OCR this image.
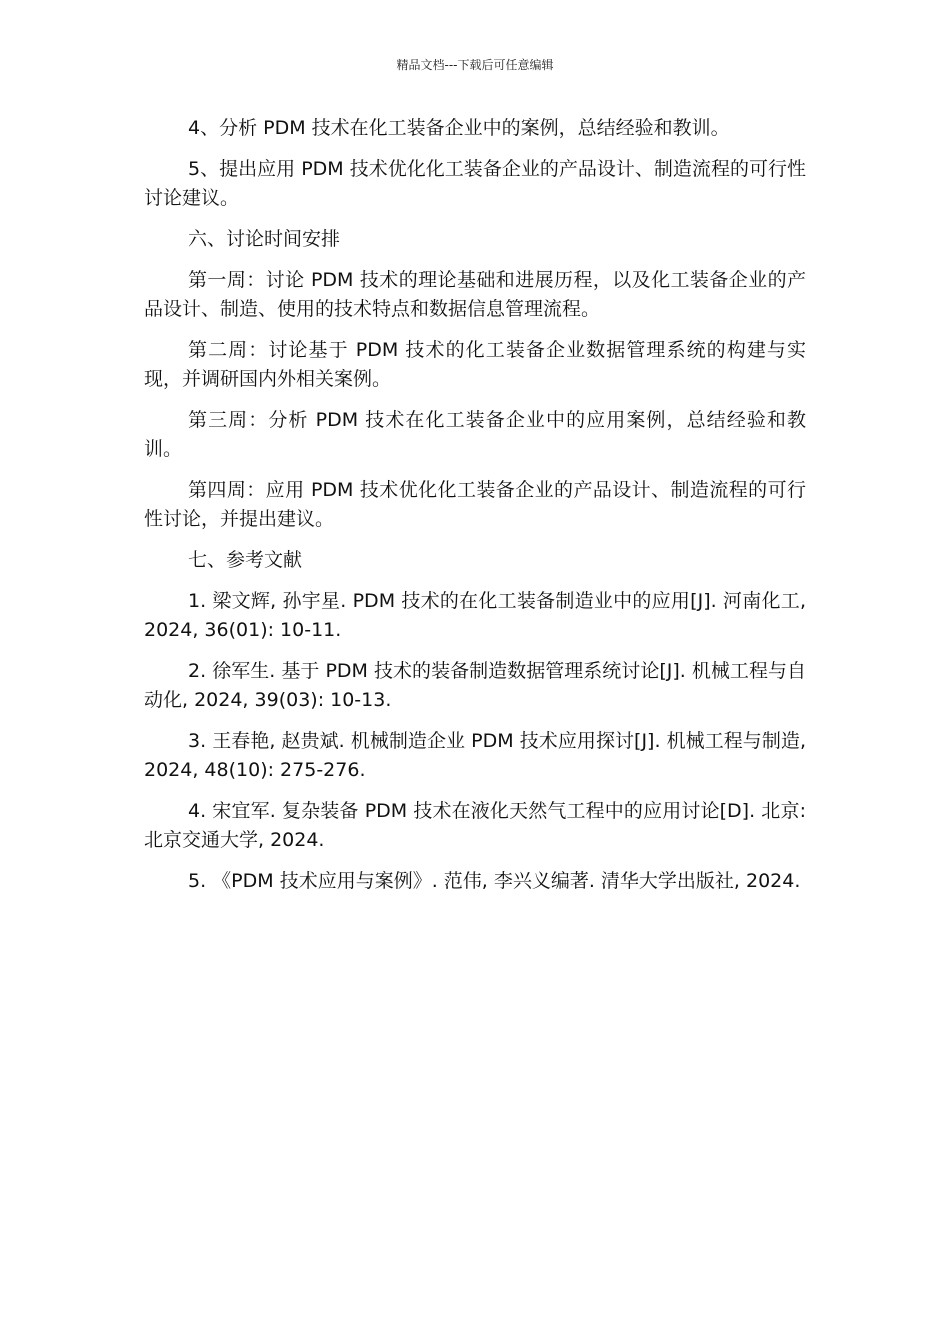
精品文档---下载后可任意编辑

4、分析 PDM 技术在化工装备企业中的案例，总结经验和教训。

5、提出应用 PDM 技术优化化工装备企业的产品设计、制造流程的可行性讨论建议。

六、讨论时间安排

第一周：讨论 PDM 技术的理论基础和进展历程，以及化工装备企业的产品设计、制造、使用的技术特点和数据信息管理流程。

第二周：讨论基于 PDM 技术的化工装备企业数据管理系统的构建与实现，并调研国内外相关案例。

第三周：分析 PDM 技术在化工装备企业中的应用案例，总结经验和教训。

第四周：应用 PDM 技术优化化工装备企业的产品设计、制造流程的可行性讨论，并提出建议。

七、参考文献

1. 梁文辉, 孙宇星. PDM 技术的在化工装备制造业中的应用[J]. 河南化工, 2024, 36(01): 10-11.

2. 徐军生. 基于 PDM 技术的装备制造数据管理系统讨论[J]. 机械工程与自动化, 2024, 39(03): 10-13.

3. 王春艳, 赵贵斌. 机械制造企业 PDM 技术应用探讨[J]. 机械工程与制造, 2024, 48(10): 275-276.

4. 宋宜军. 复杂装备 PDM 技术在液化天然气工程中的应用讨论[D]. 北京: 北京交通大学, 2024.

5. 《PDM 技术应用与案例》. 范伟, 李兴义编著. 清华大学出版社, 2024.
